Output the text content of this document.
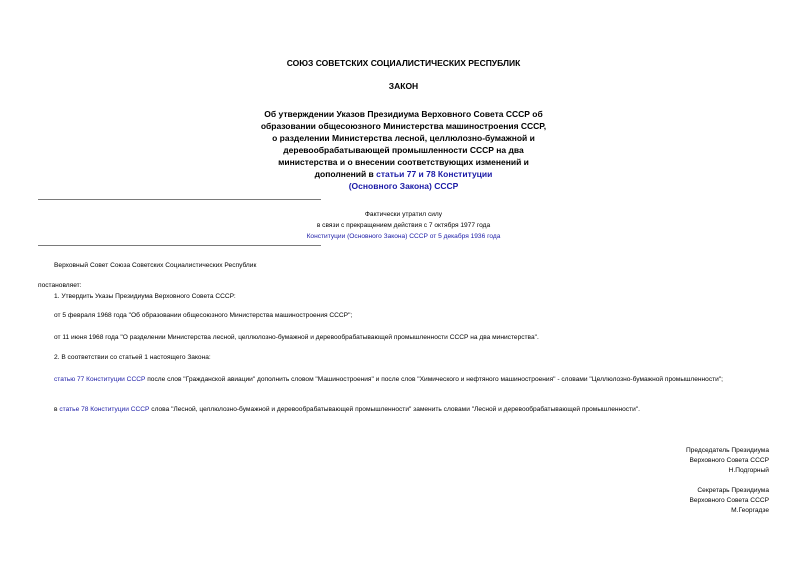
СОЮЗ СОВЕТСКИХ СОЦИАЛИСТИЧЕСКИХ РЕСПУБЛИК
ЗАКОН
Об утверждении Указов Президиума Верховного Совета СССР об
образовании общесоюзного Министерства машиностроения СССР,
о разделении Министерства лесной, целлюлозно-бумажной и
деревообрабатывающей промышленности СССР на два
министерства и о внесении соответствующих изменений и
дополнений в статьи 77 и 78 Конституции
(Основного Закона) СССР
Фактически утратил силу
в связи с прекращением действия с 7 октября 1977 года
Конституции (Основного Закона) СССР от 5 декабря 1936 года
Верховный Совет Союза Советских Социалистических Республик
постановляет:
1. Утвердить Указы Президиума Верховного Совета СССР:
от 5 февраля 1968 года "Об образовании общесоюзного Министерства машиностроения СССР";
от 11 июня 1968 года "О разделении Министерства лесной, целлюлозно-бумажной и деревообрабатывающей промышленности СССР на два министерства".
2. В соответствии со статьей 1 настоящего Закона:
статью 77 Конституции СССР после слов "Гражданской авиации" дополнить словом "Машиностроения" и после слов "Химического и нефтяного машиностроения" - словами "Целлюлозно-бумажной промышленности";
в статье 78 Конституции СССР слова "Лесной, целлюлозно-бумажной и деревообрабатывающей промышленности" заменить словами "Лесной и деревообрабатывающей промышленности".
Председатель Президиума
Верховного Совета СССР
Н.Подгорный
Секретарь Президиума
Верховного Совета СССР
М.Георгадзе
